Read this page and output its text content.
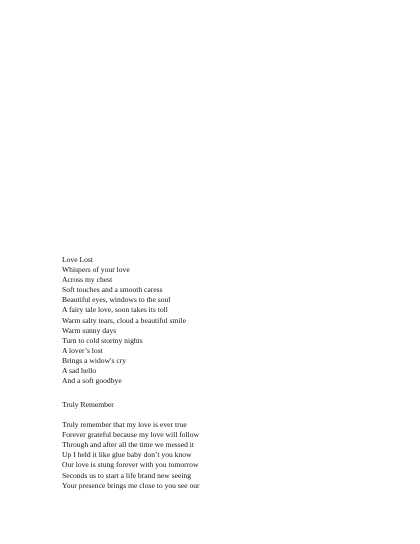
Love Lost
Whispers of your love
Across my chest
Soft touches and a smooth caress
Beautiful eyes, windows to the soul
A fairy tale love, soon takes its toll
Warm salty tears, cloud a beautiful smile
Warm sunny days
Turn to cold stormy nights
A lover’s lost
Brings a widow's cry
A sad hello
And a soft goodbye
Truly Remember
Truly remember that my love is ever true
Forever grateful because my love will follow
Through and after all the time we messed it
Up I held it like glue baby don’t you know
Our love is stung forever with you tomorrow
Seconds us to start a life brand new seeing
Your presence brings me close to you see our
